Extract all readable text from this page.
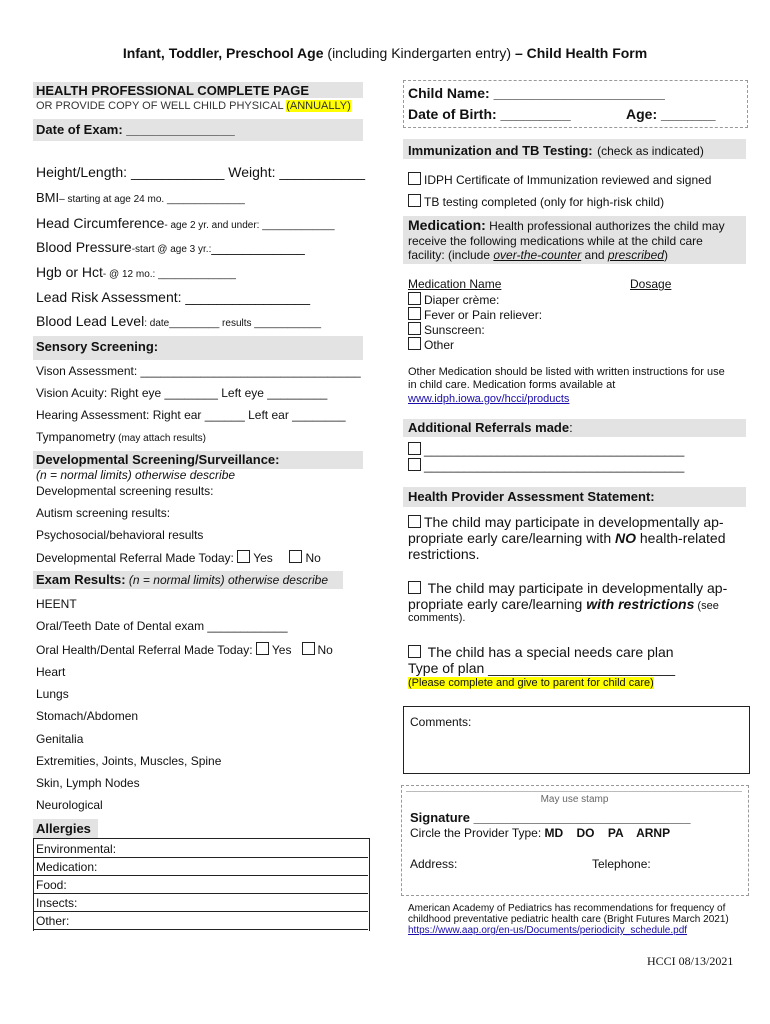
Infant, Toddler, Preschool Age (including Kindergarten entry) – Child Health Form
HEALTH PROFESSIONAL COMPLETE PAGE
OR PROVIDE COPY OF WELL CHILD PHYSICAL (ANNUALLY)
Date of Exam: _______________
Height/Length: ____________ Weight: ___________
BMI– starting at age 24 mo. ______________
Head Circumference- age 2 yr. and under: _____________
Blood Pressure-start @ age 3 yr.:____________
Hgb or Hct- @ 12 mo.: ______________
Lead Risk Assessment: ________________
Blood Lead Level: date_________ results ____________
Sensory Screening:
Vison Assessment: _________________________________
Vision Acuity: Right eye ________ Left eye _________
Hearing Assessment: Right ear ______ Left ear ________
Tympanometry (may attach results)
Developmental Screening/Surveillance:
(n = normal limits) otherwise describe
Developmental screening results:
Autism screening results:
Psychosocial/behavioral results
Developmental Referral Made Today: Yes	No
Exam Results: (n = normal limits) otherwise describe
HEENT
Oral/Teeth Date of Dental exam ____________
Oral Health/Dental Referral Made Today: Yes No
Heart
Lungs
Stomach/Abdomen
Genitalia
Extremities, Joints, Muscles, Spine
Skin, Lymph Nodes
Neurological
Allergies
Environmental:
Medication:
Food:
Insects:
Other:
Child Name: ______________________
Date of Birth: _________	Age: _______
Immunization and TB Testing: (check as indicated)
IDPH Certificate of Immunization reviewed and signed
TB testing completed (only for high-risk child)
Medication: Health professional authorizes the child may
receive the following medications while at the child care
facility: (include over-the-counter and prescribed)
Medication Name	Dosage
Diaper crème:
Fever or Pain reliever:
Sunscreen:
Other
Other Medication should be listed with written instructions for use
in child care. Medication forms available at
www.idph.iowa.gov/hcci/products
Additional Referrals made:
_______________________________________
_______________________________________
Health Provider Assessment Statement:
The child may participate in developmentally ap-
propriate early care/learning with NO health-related
restrictions.
The child may participate in developmentally ap-
propriate early care/learning with restrictions (see
comments).
The child has a special needs care plan
Type of plan ________________________
(Please complete and give to parent for child care)
Comments:
May use stamp
Signature ______________________________
Circle the Provider Type: MD    DO    PA    ARNP
Address:	Telephone:
American Academy of Pediatrics has recommendations for frequency of
childhood preventative pediatric health care (Bright Futures March 2021)
https://www.aap.org/en-us/Documents/periodicity_schedule.pdf
HCCI 08/13/2021
